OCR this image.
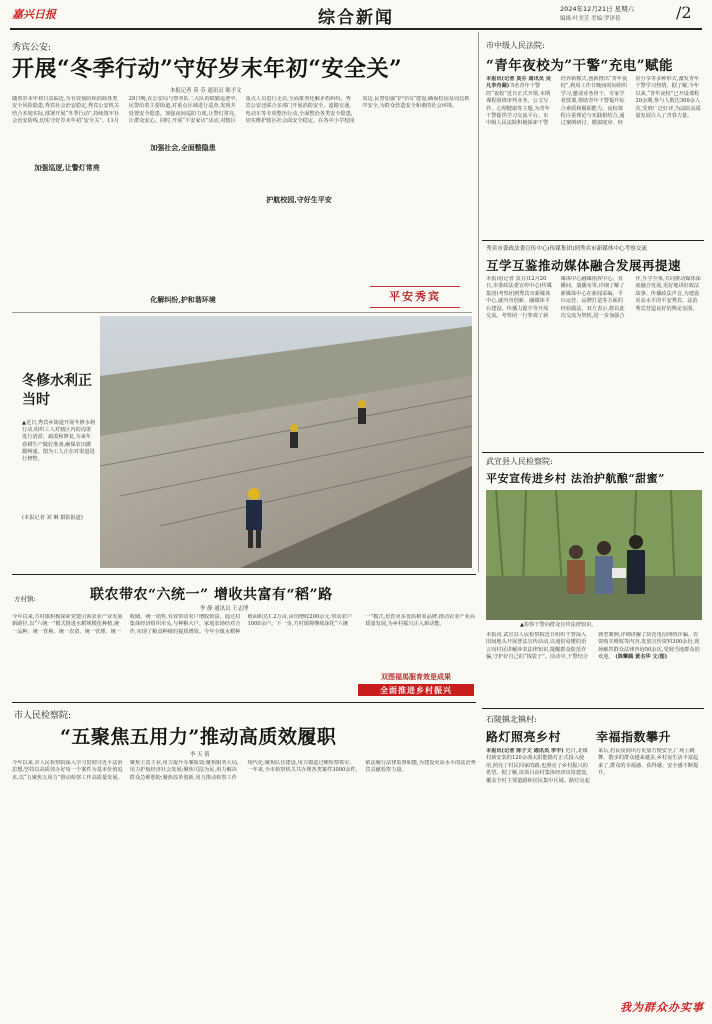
嘉兴日报	综合新闻	2024年12月21日 星期六
编辑:叶美芳 美编:罗泽蓓	/2
秀宾公安:
开展“冬季行动”守好岁末年初“安全关”
本报记者 莫 芬 通讯员 陈予文
随着岁末年初日益临近,为有效预防和消除各类安全风险隐患,秀宾社会治安稳定,秀宾公安机关结合本地实际,部署开展“冬季行动”,持续筑牢社会治安防线,切实守好岁末年初“安全关”。11月29日晚,在公安局与警务队二大队的联勤巡逻中,民警沿着主要街道,对重点区域进行巡查,发现并处置安全隐患。加强夜间巡防力度,让警灯常亮,让群众安心。同时,开展“平安家访”活动,对辖区重点人员进行走访,全面排查化解矛盾纠纷。秀宾公安还联合多部门开展消防安全、道路交通、电动车等专项整治行动,全面整治各类安全隐患,切实维护辖区社会面安全稳定。在各中小学校园周边,民警加强“护学岗”建设,确保校园及周边秩序安全,为群众营造安全和谐的社会环境。
加强巡逻,让警灯常亮
加强社会,全面整隐患
化解纠纷,护和谐环境
护航校园,守好生平安
平安秀宾
冬修水利正当时
▲近日,秀宾乡街道开展冬修水利行动,组织工人对辖区内的沟渠进行清淤、疏浚和修复,为来年春耕生产做好准备,确保农田灌溉畅通。图为工人正在对渠道进行修整。
(本报记者 刘 琳 摄影报道)
市中级人民法院:
“青年夜校为”干警“充电”赋能
本报讯(记者 莫芬 通讯员 吴凡李舟凝) 5名青年干警的“夜校”近日正式开课,本期课程围绕审判业务、公文写作、心理健康等主题,为青年干警提供学习交流平台。市中级人民法院积极探索干警培养新模式,创新推出“青年夜校”,利用工作日晚间时间组织学习,邀请业务骨干、专家学者授课,帮助青年干警提升综合素质和履职能力。夜校课程注重理论与实践相结合,通过案例研讨、模拟庭审、经验分享等多种形式,激发青年干警学习热情。据了解,今年以来,“青年夜校”已开设课程20余期,参与人数达300余人次,受到广泛好评,为法院高质量发展注入了青春力量。
秀宾市委政法委宣传中心(传媒集团)到秀宾市新媒体中心考察交流
互学互鉴推动媒体融合发展再提速
本报讯(记者 莫芬)12月20日,市委政法委宣传中心(传媒集团)考察团到秀宾市新媒体中心,就内容创新、融媒体平台建设、传播力提升等开展交流。考察团一行参观了新媒体中心融媒指挥中心、直播间、演播室等,详细了解了新媒体中心在新闻采编、平台运营、品牌打造等方面的经验做法。双方表示,将以此次交流为契机,进一步加强合作,互学互鉴,共同推动媒体深度融合发展,更好地讲好政法故事、传播政法声音,为建设更高水平的平安秀宾、法治秀宾营造良好的舆论氛围。
武宣县人民检察院:
平安宣传进乡村 法治护航酿“甜蜜”
▲检察干警向群众宣传法律知识。
本报讯 武宣县人民检察院近日组织干警深入田间地头开展普法宣传活动,以通俗易懂的语言向村民讲解涉农法律知识,提醒群众防范诈骗,守护好自己的“钱袋子”。活动中,干警结合典型案例,详细讲解了防范电信网络诈骗、农资购买维权等内容,发放宣传资料300余份,现场解答群众法律咨询50余次,受到当地群众的欢迎。 (陈攀腾 黄名华 文/图)
方村镇:	联农带农“六统一” 增收共富有“稻”路
李 静 通讯员 王志博
今年以来,方村镇积极探索党建引领农业产业发展新路径,以“六统一”模式推进水稻规模化种植,统一品种、统一育秧、统一农资、统一管理、统一收储、统一销售,有效带动农户增收致富。通过村集体经济组织牵头,与种粮大户、家庭农场结对合作,实现了粮食种植的提质增效。今年全镇水稻种植面积达1.2万亩,亩均增收200余元,带动农户1000余户。下一步,方村镇将继续深化“六统一”模式,培育更多优质稻米品牌,推动农业产业高质量发展,为乡村振兴注入新动能。
双图福馬服育效是成果
全面推进乡村振兴
市人民检察院:
“五聚焦五用力”推动高质效履职
李 天 倩
今年以来,市人民检察院深入学习贯彻习近平法治思想,坚持以高质效办好每一个案件为基本价值追求,以“五聚焦五用力”推动检察工作高质量发展。聚焦主责主业,用力提升办案质效;聚焦服务大局,用力护航经济社会发展;聚焦司法为民,用力解决群众急难愁盼;聚焦改革创新,用力推动检察工作现代化;聚焦队伍建设,用力锻造过硬检察铁军。一年来,全市检察机关共办理各类案件3000余件,依法履行法律监督职能,为建设更高水平的法治秀宾贡献检察力量。
石陵镇北镇村:
路灯照亮乡村	幸福指数攀升
本报讯(记者 陈子文 通讯员 李丰) 近日,北镇村新安装的120余盏太阳能路灯正式投入使用,照亮了村民回家的路,也照亮了乡村振兴的希望。据了解,该项目由村集体经济出资建设,覆盖全村主要道路和居民集中区域。路灯亮起来后,村民夜间出行更加方便安全,广场上跳舞、散步的群众越来越多,乡村夜生活丰富起来了,群众的幸福感、获得感、安全感不断提升。
我为群众办实事
